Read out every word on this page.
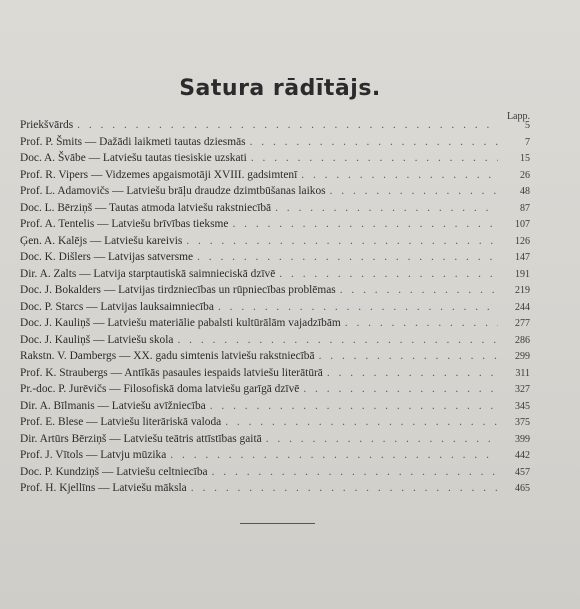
Satura rādītājs.
Lapp.
Priekšvārds . . .	5
Prof. P. Šmits — Dažādi laikmeti tautas dziesmās . . .	7
Doc. A. Švābe — Latviešu tautas tiesiskie uzskati . . .	15
Prof. R. Vipers — Vidzemes apgaismotāji XVIII. gadsimtenī . . .	26
Prof. L. Adamovičs — Latviešu brāļu draudze dzimtbūšanas laikos . . .	48
Doc. L. Bērziņš — Tautas atmoda latviešu rakstniecībā . . .	87
Prof. A. Tentelis — Latviešu brīvības tieksme . . .	107
Ģen. A. Kalējs — Latviešu kareivis . . .	126
Doc. K. Dišlers — Latvijas satversme . . .	147
Dir. A. Zalts — Latvija starptautiskā saimnieciskā dzīvē . . .	191
Doc. J. Bokalders — Latvijas tirdzniecības un rūpniecības problēmas . . .	219
Doc. P. Starcs — Latvijas lauksaimniecība . . .	244
Doc. J. Kauliņš — Latviešu materiālie pabalsti kultūrālām vajadzībām . . .	277
Doc. J. Kauliņš — Latviešu skola . . .	286
Rakstn. V. Dambergs — XX. gadu simtenis latviešu rakstniecībā . . .	299
Prof. K. Straubergs — Antīkās pasaules iespaids latviešu literātūrā . . .	311
Pr.-doc. P. Jurēvičs — Filosofiskā doma latviešu garīgā dzīvē . . .	327
Dir. A. Bīlmanis — Latviešu avīžniecība . . .	345
Prof. E. Blese — Latviešu literāriskā valoda . . .	375
Dir. Artūrs Bērziņš — Latviešu teātris attīstības gaitā . . .	399
Prof. J. Vītols — Latvju mūzika . . .	442
Doc. P. Kundziņš — Latviešu celtniecība . . .	457
Prof. H. Kjellīns — Latviešu māksla . . .	465
